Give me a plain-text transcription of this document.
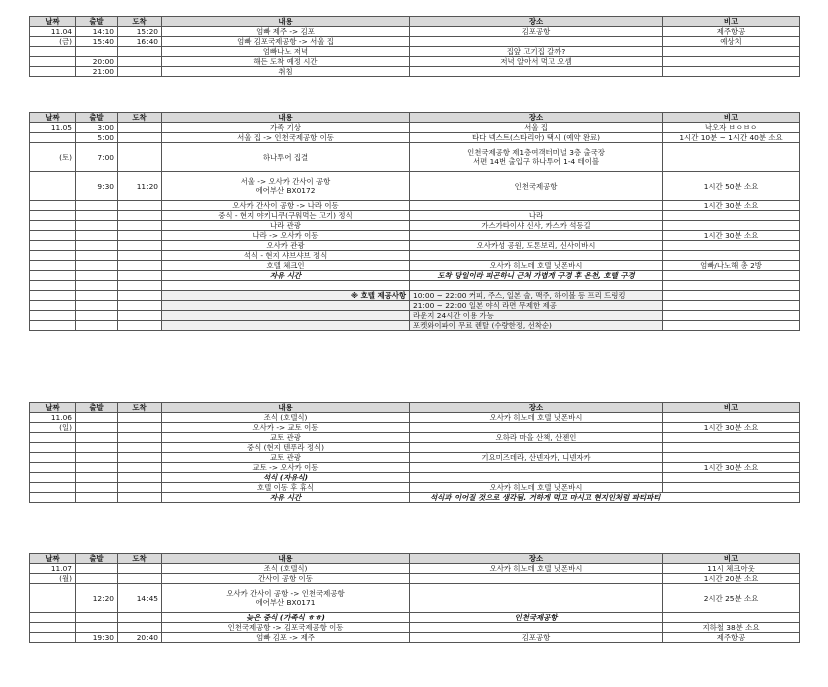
날짜	출발	도착	내용	장소	비고
11.04	14:10	15:20	엄빠 제주 -> 김포	김포공항	제주항공
(금)	15:40	16:40	엄빠 김포국제공항 -> 서울 집		예상치
			엄빠나노 저녁	집앞 고기집 갈까?	
	20:00		해든 도착 예정 시간	저녁 알아서 먹고 오셈	
	21:00		취침		
날짜	출발	도착	내용	장소	비고
11.05	3:00		가족 기상	서울 집	낙오자 ㅂㅇㅂㅇ
	5:00		서울 집 -> 인천국제공항 이동	타다 넥스트(스타리아) 택시 (예약 완료)	1시간 10분 ~ 1시간 40분 소요
(토)	7:00		하나투어 집결	인천국제공항 제1층여객터미널 3층 출국장
서편 14번 출입구 하나투어 1-4 테이블	

	9:30	11:20	서울 -> 오사카 간사이 공항
에어부산 BX0172	인천국제공항	1시간 50분 소요
			오사카 간사이 공항 -> 나라 이동		1시간 30분 소요
			중식 - 현지 야키니쿠(구워먹는 고기) 정식	나라	
			나라 관광	가스가타이샤 신사, 카스카 석등길	
			나라 -> 오사카 이동		1시간 30분 소요
			오사카 관광	오사카성 공원, 도톤보리, 신사이바시	
			석식 - 현지 샤브샤브 정식		
			호텔 체크인	오사카 히노데 호텔 닛폰바시	엄빠/나노해 총 2방
			자유 시간	도착 당일이라 피곤하니 근처 가볍게 구경 후 온천, 호텔 구경	

			※ 호텔 제공사항	10:00 ~ 22:00 커피, 주스, 일본 술, 맥주, 하이볼 등 프리 드링킹	
				21:00 ~ 22:00 일본 야식 라면 무제한 제공	
				라운지 24시간 이용 가능	
				포켓와이파이 무료 렌탈 (수량한정, 선착순)	
날짜	출발	도착	내용	장소	비고
11.06			조식 (호텔식)	오사카 히노데 호텔 닛폰바시	
(일)			오사카 -> 교토 이동		1시간 30분 소요
			교토 관광	오하라 마을 산책, 산젠인	
			중식 (현지 텐푸라 정식)		
			교토 관광	기요미즈데라, 산넨자카, 니넨자카	
			교토 -> 오사카 이동		1시간 30분 소요
			석식 (자유식)		
			호텔 이동 후 휴식	오사카 히노데 호텔 닛폰바시	
			자유 시간	석식과 이어질 것으로 생각됨. 거하게 먹고 마시고 현지인처럼 파티파티	
날짜	출발	도착	내용	장소	비고
11.07			조식 (호텔식)	오사카 히노데 호텔 닛폰바시	11시 체크아웃
(월)			간사이 공항 이동		1시간 20분 소요
	12:20	14:45	오사카 간사이 공항 -> 인천국제공항
에어부산 BX0171		2시간 25분 소요
			늦은 중식 (가족식 ㅎㅎ)	인천국제공항	
			인천국제공항 -> 김포국제공항 이동		지하철 38분 소요
	19:30	20:40	엄빠 김포 -> 제주	김포공항	제주항공
